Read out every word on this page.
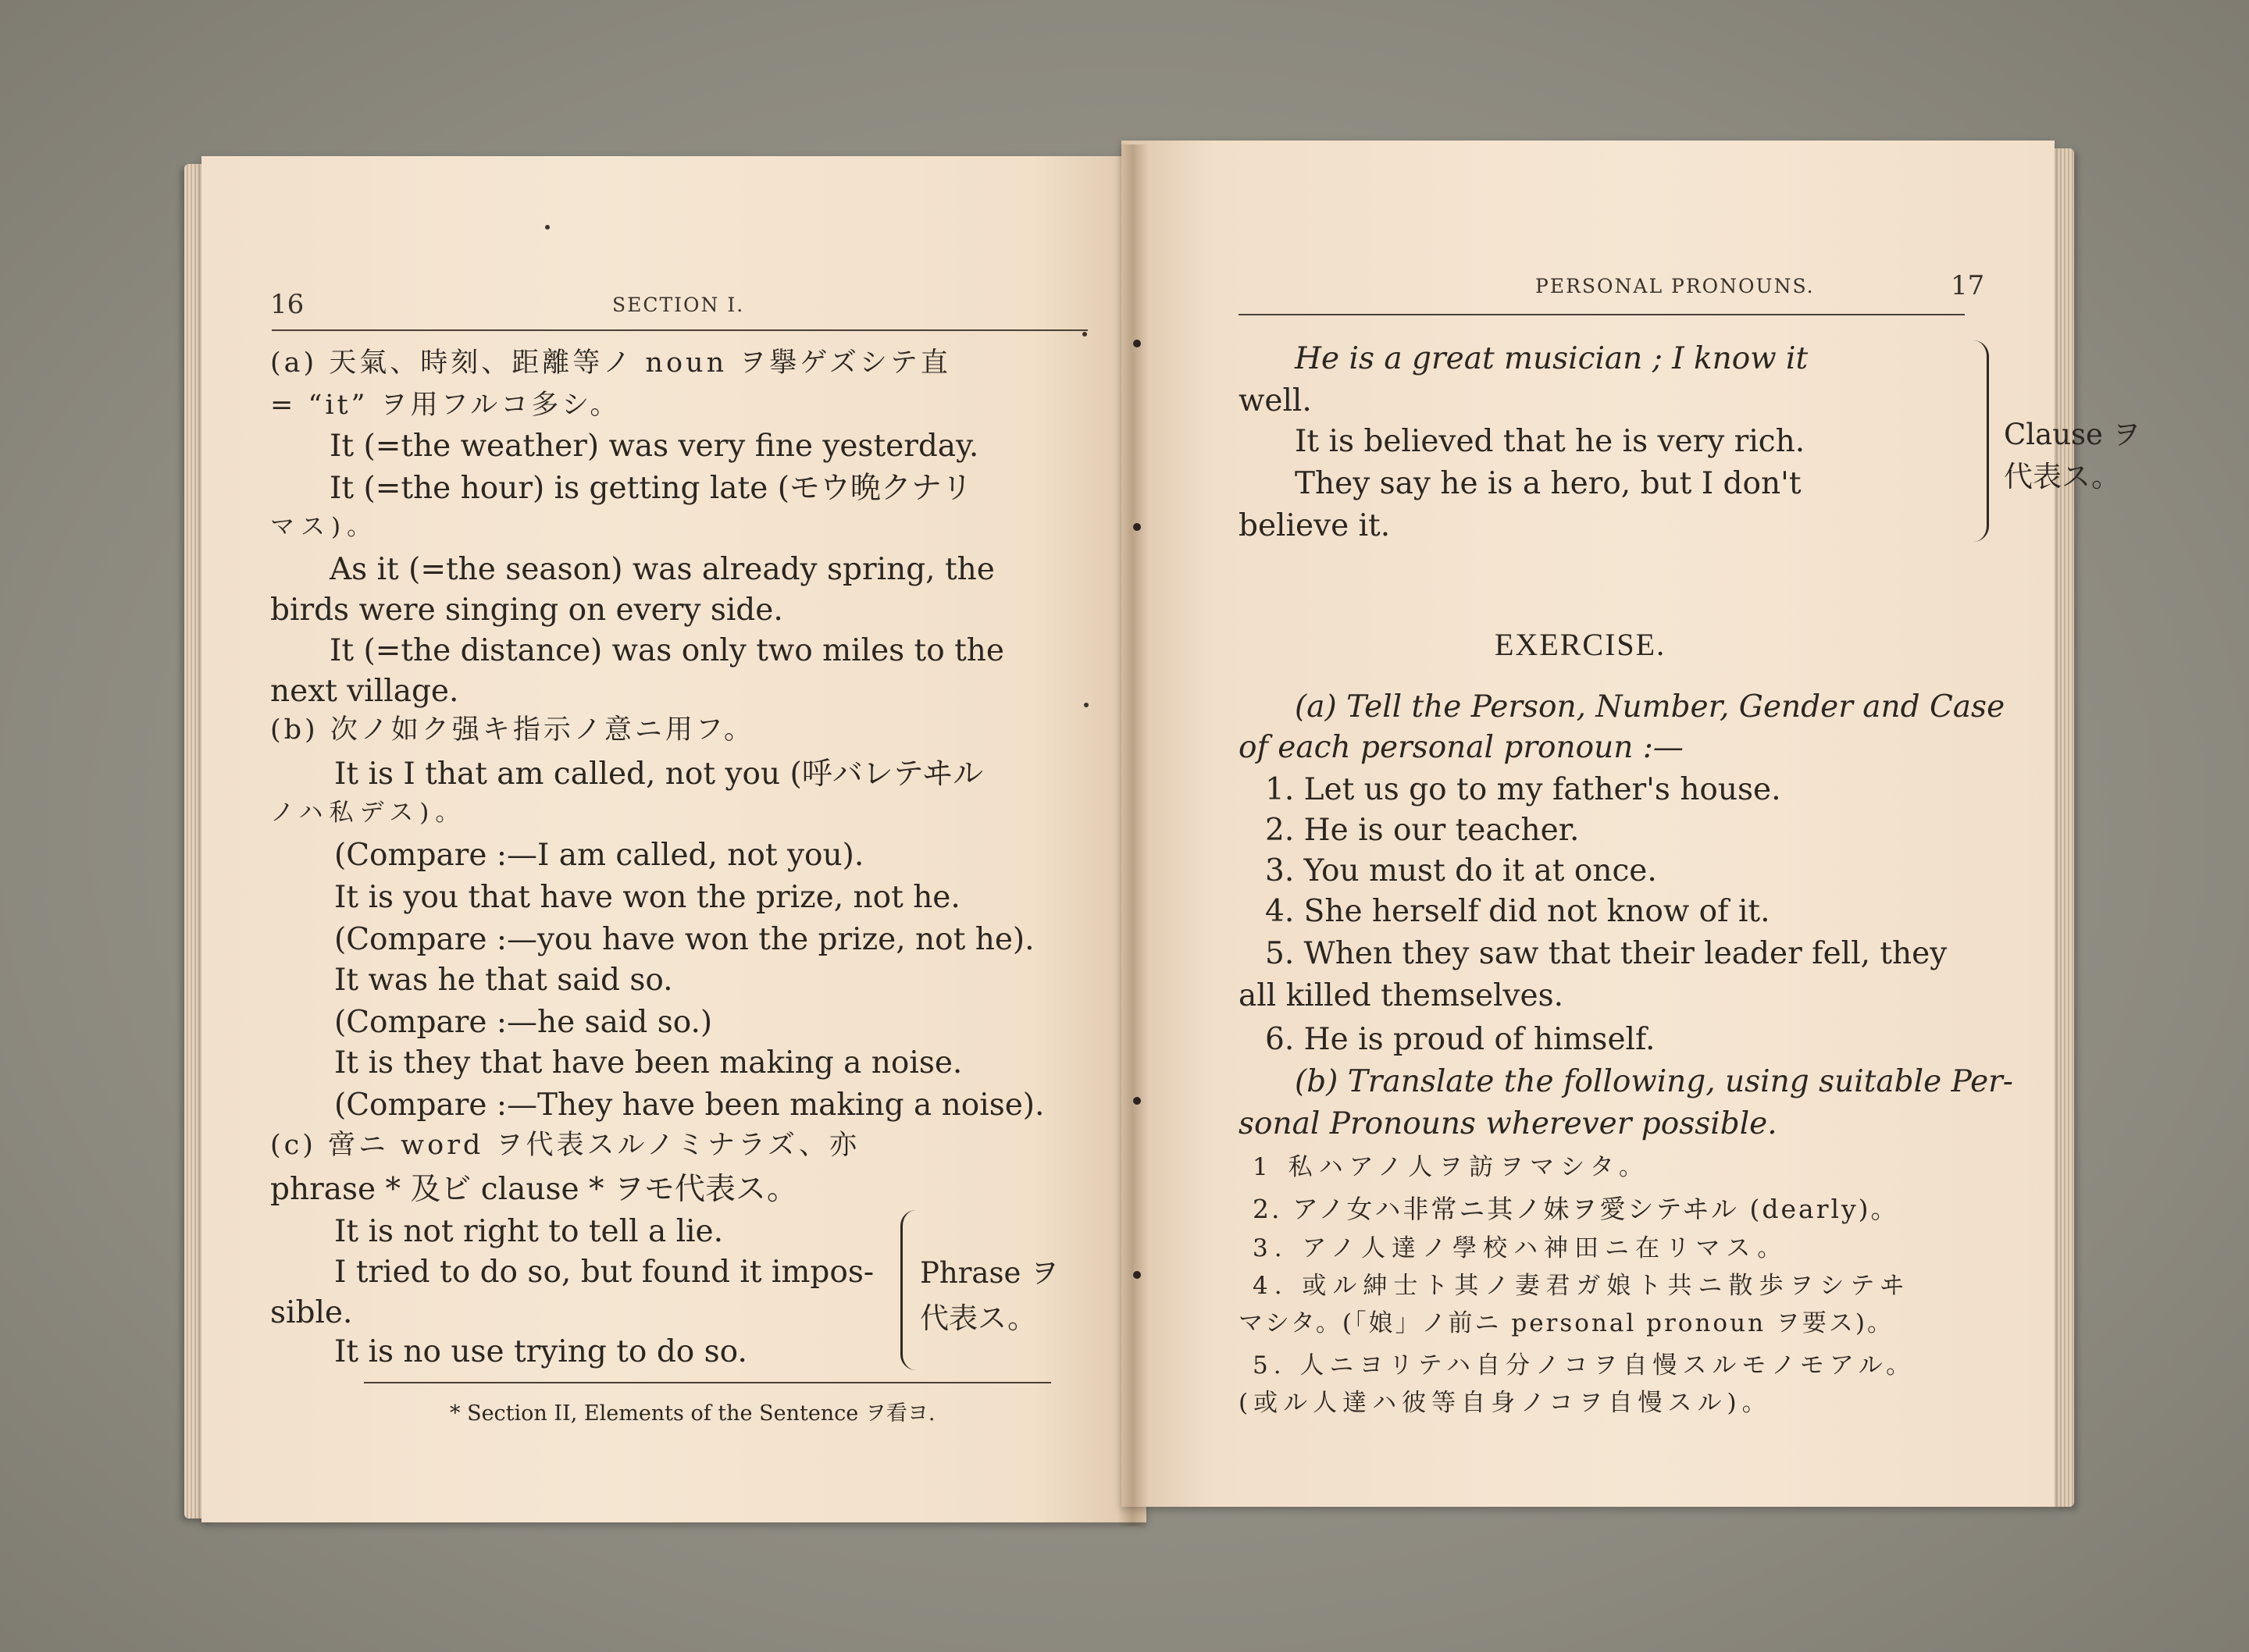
16	SECTION I.
(a) 天氣、時刻、距離等ノ noun ヲ擧ゲズシテ直
= “it” ヲ用フルコ多シ。
It (=the weather) was very fine yesterday.
It (=the hour) is getting late (モウ晩クナリ
マス)。
As it (=the season) was already spring, the
birds were singing on every side.
It (=the distance) was only two miles to the
next village.
(b) 次ノ如ク强キ指示ノ意ニ用フ。
It is I that am called, not you (呼バレテヰル
ノハ私デス)。
(Compare :—I am called, not you).
It is you that have won the prize, not he.
(Compare :—you have won the prize, not he).
It was he that said so.
(Compare :—he said so.)
It is they that have been making a noise.
(Compare :—They have been making a noise).
(c) 啻ニ word ヲ代表スルノミナラズ、亦
phrase * 及ビ clause * ヲモ代表ス。
It is not right to tell a lie.
I tried to do so, but found it impos-
sible.
It is no use trying to do so.
Phrase ヲ
代表ス。
* Section II, Elements of the Sentence ヲ看ヨ.
PERSONAL PRONOUNS.	17
He is a great musician ; I know it
well.
It is believed that he is very rich.
They say he is a hero, but I don't
believe it.
Clause ヲ
代表ス。
EXERCISE.
(a) Tell the Person, Number, Gender and Case
of each personal pronoun :—
1. Let us go to my father's house.
2. He is our teacher.
3. You must do it at once.
4. She herself did not know of it.
5. When they saw that their leader fell, they
all killed themselves.
6. He is proud of himself.
(b) Translate the following, using suitable Per-
sonal Pronouns wherever possible.
1 私ハアノ人ヲ訪ヲマシタ。
2. アノ女ハ非常ニ其ノ妹ヲ愛シテヰル (dearly)。
3. アノ人達ノ學校ハ神田ニ在リマス。
4. 或ル紳士ト其ノ妻君ガ娘ト共ニ散歩ヲシテヰ
マシタ。(「娘」ノ前ニ personal pronoun ヲ要ス)。
5. 人ニヨリテハ自分ノコヲ自慢スルモノモアル。
(或ル人達ハ彼等自身ノコヲ自慢スル)。
